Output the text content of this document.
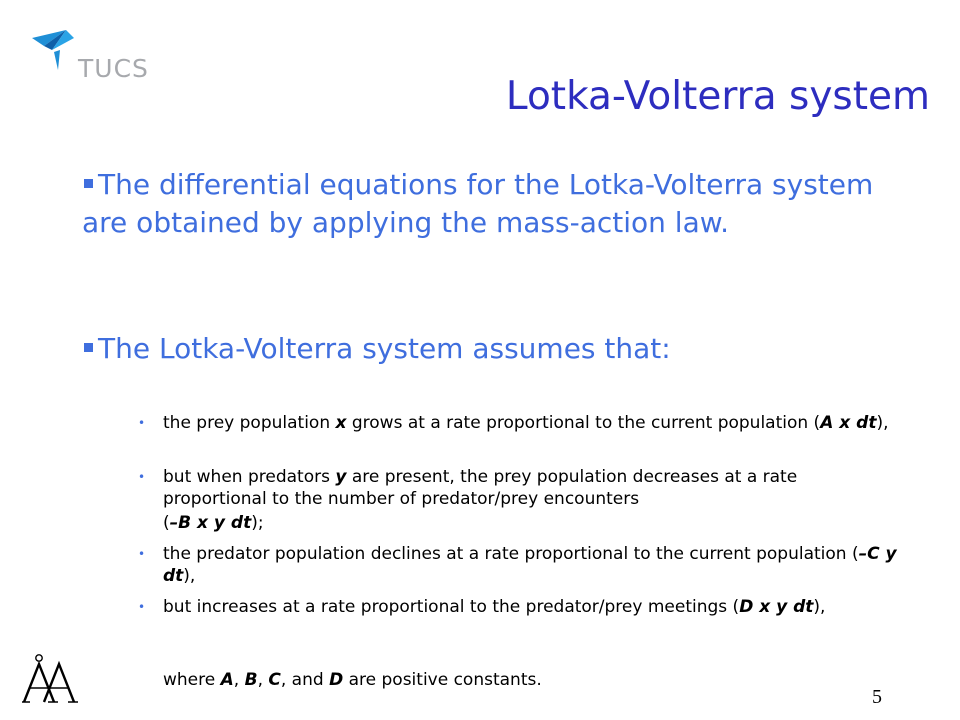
TUCS
Lotka-Volterra system
The differential equations for the Lotka-Volterra system are obtained by applying the mass-action law.
The Lotka-Volterra system assumes that:
• the prey population x grows at a rate proportional to the current population (A x dt),
• but when predators y are present, the prey population decreases at a rate proportional to the number of predator/prey encounters
(–B x y dt);
• the predator population declines at a rate proportional to the current population (–C y dt),
• but increases at a rate proportional to the predator/prey meetings (D x y dt),
where A, B, C, and D are positive constants.
5
